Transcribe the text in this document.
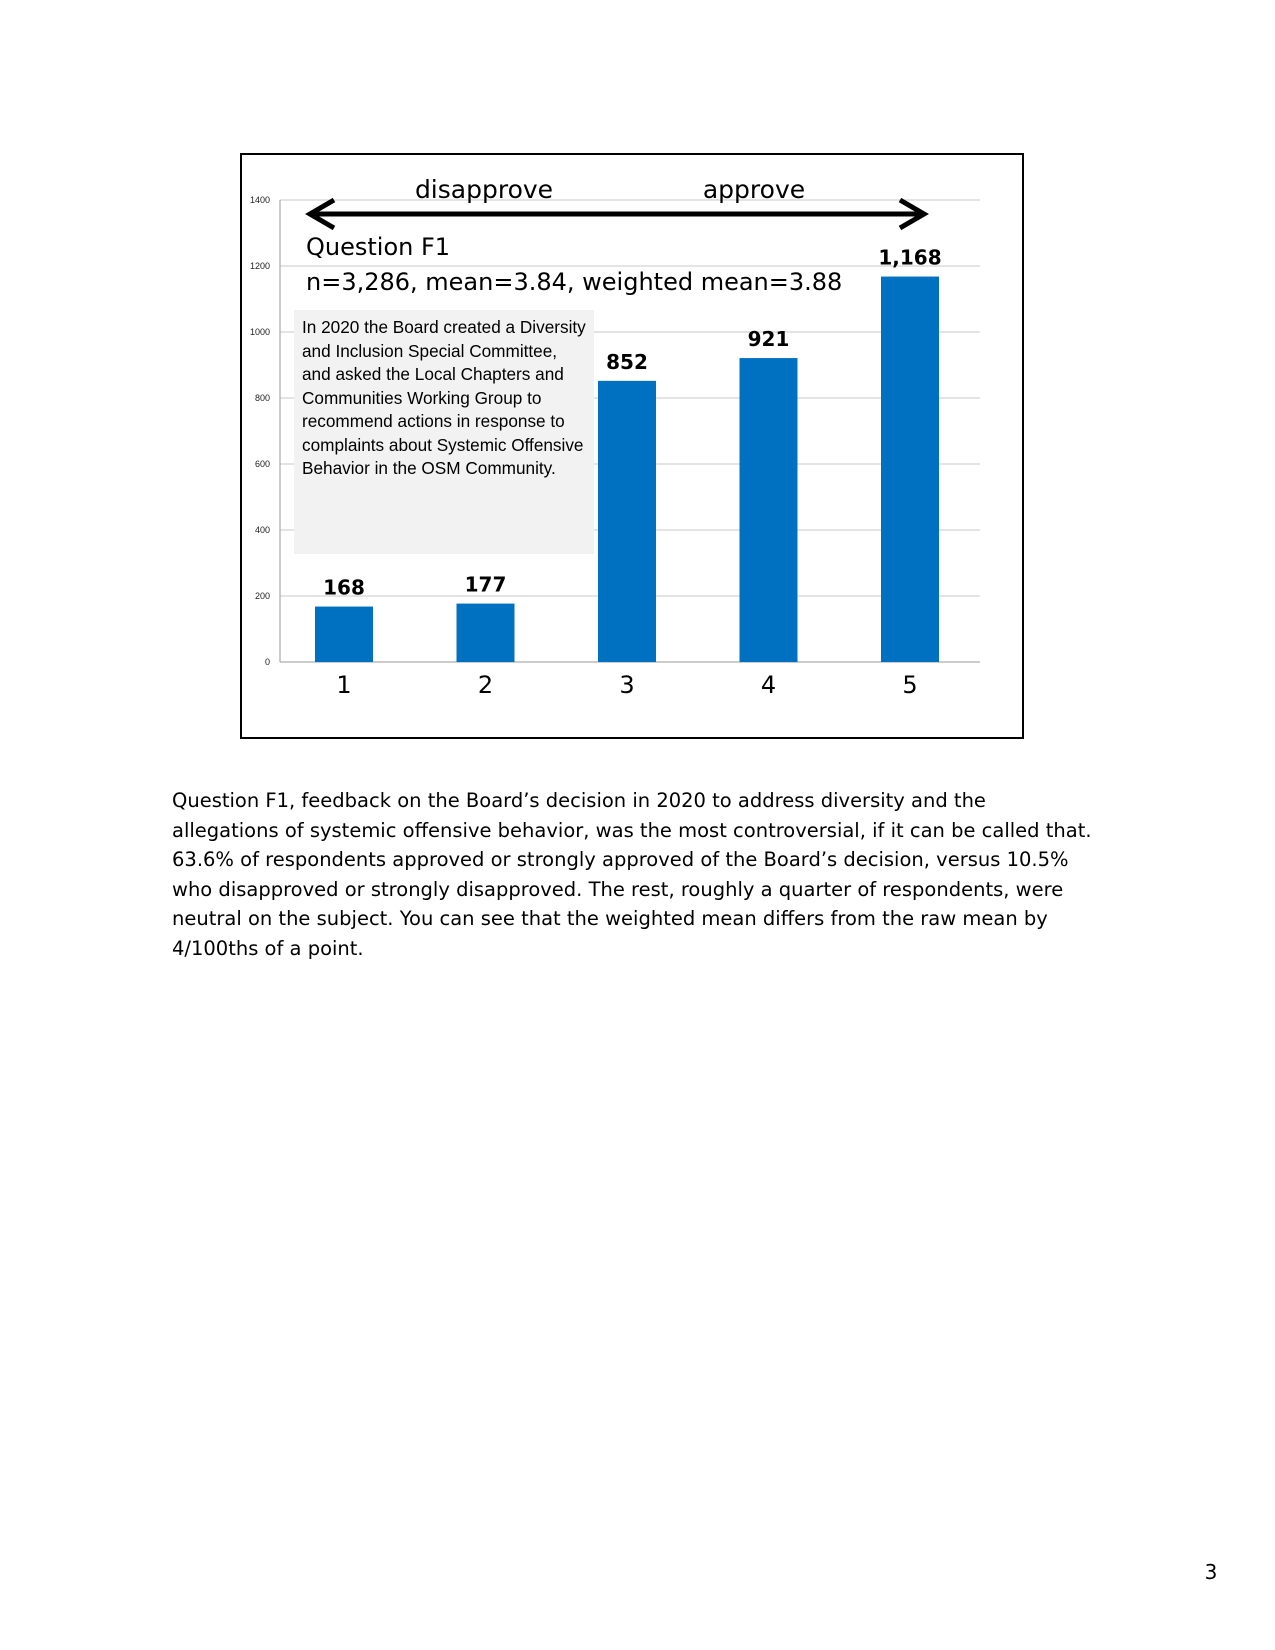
0
200
400
600
800
1000
1200
1400
168	177
852
921
1,168
1	2	3	4	5
disapprove	approve
Question F1
n=3,286, mean=3.84, weighted mean=3.88
In 2020 the Board created a Diversity and Inclusion Special Committee, and asked the Local Chapters and Communities Working Group to recommend actions in response to complaints about Systemic Offensive Behavior in the OSM Community.
Question F1, feedback on the Board’s decision in 2020 to address diversity and the allegations of systemic offensive behavior, was the most controversial, if it can be called that. 63.6% of respondents approved or strongly approved of the Board’s decision, versus 10.5% who disapproved or strongly disapproved. The rest, roughly a quarter of respondents, were neutral on the subject. You can see that the weighted mean differs from the raw mean by 4/100ths of a point.
3
